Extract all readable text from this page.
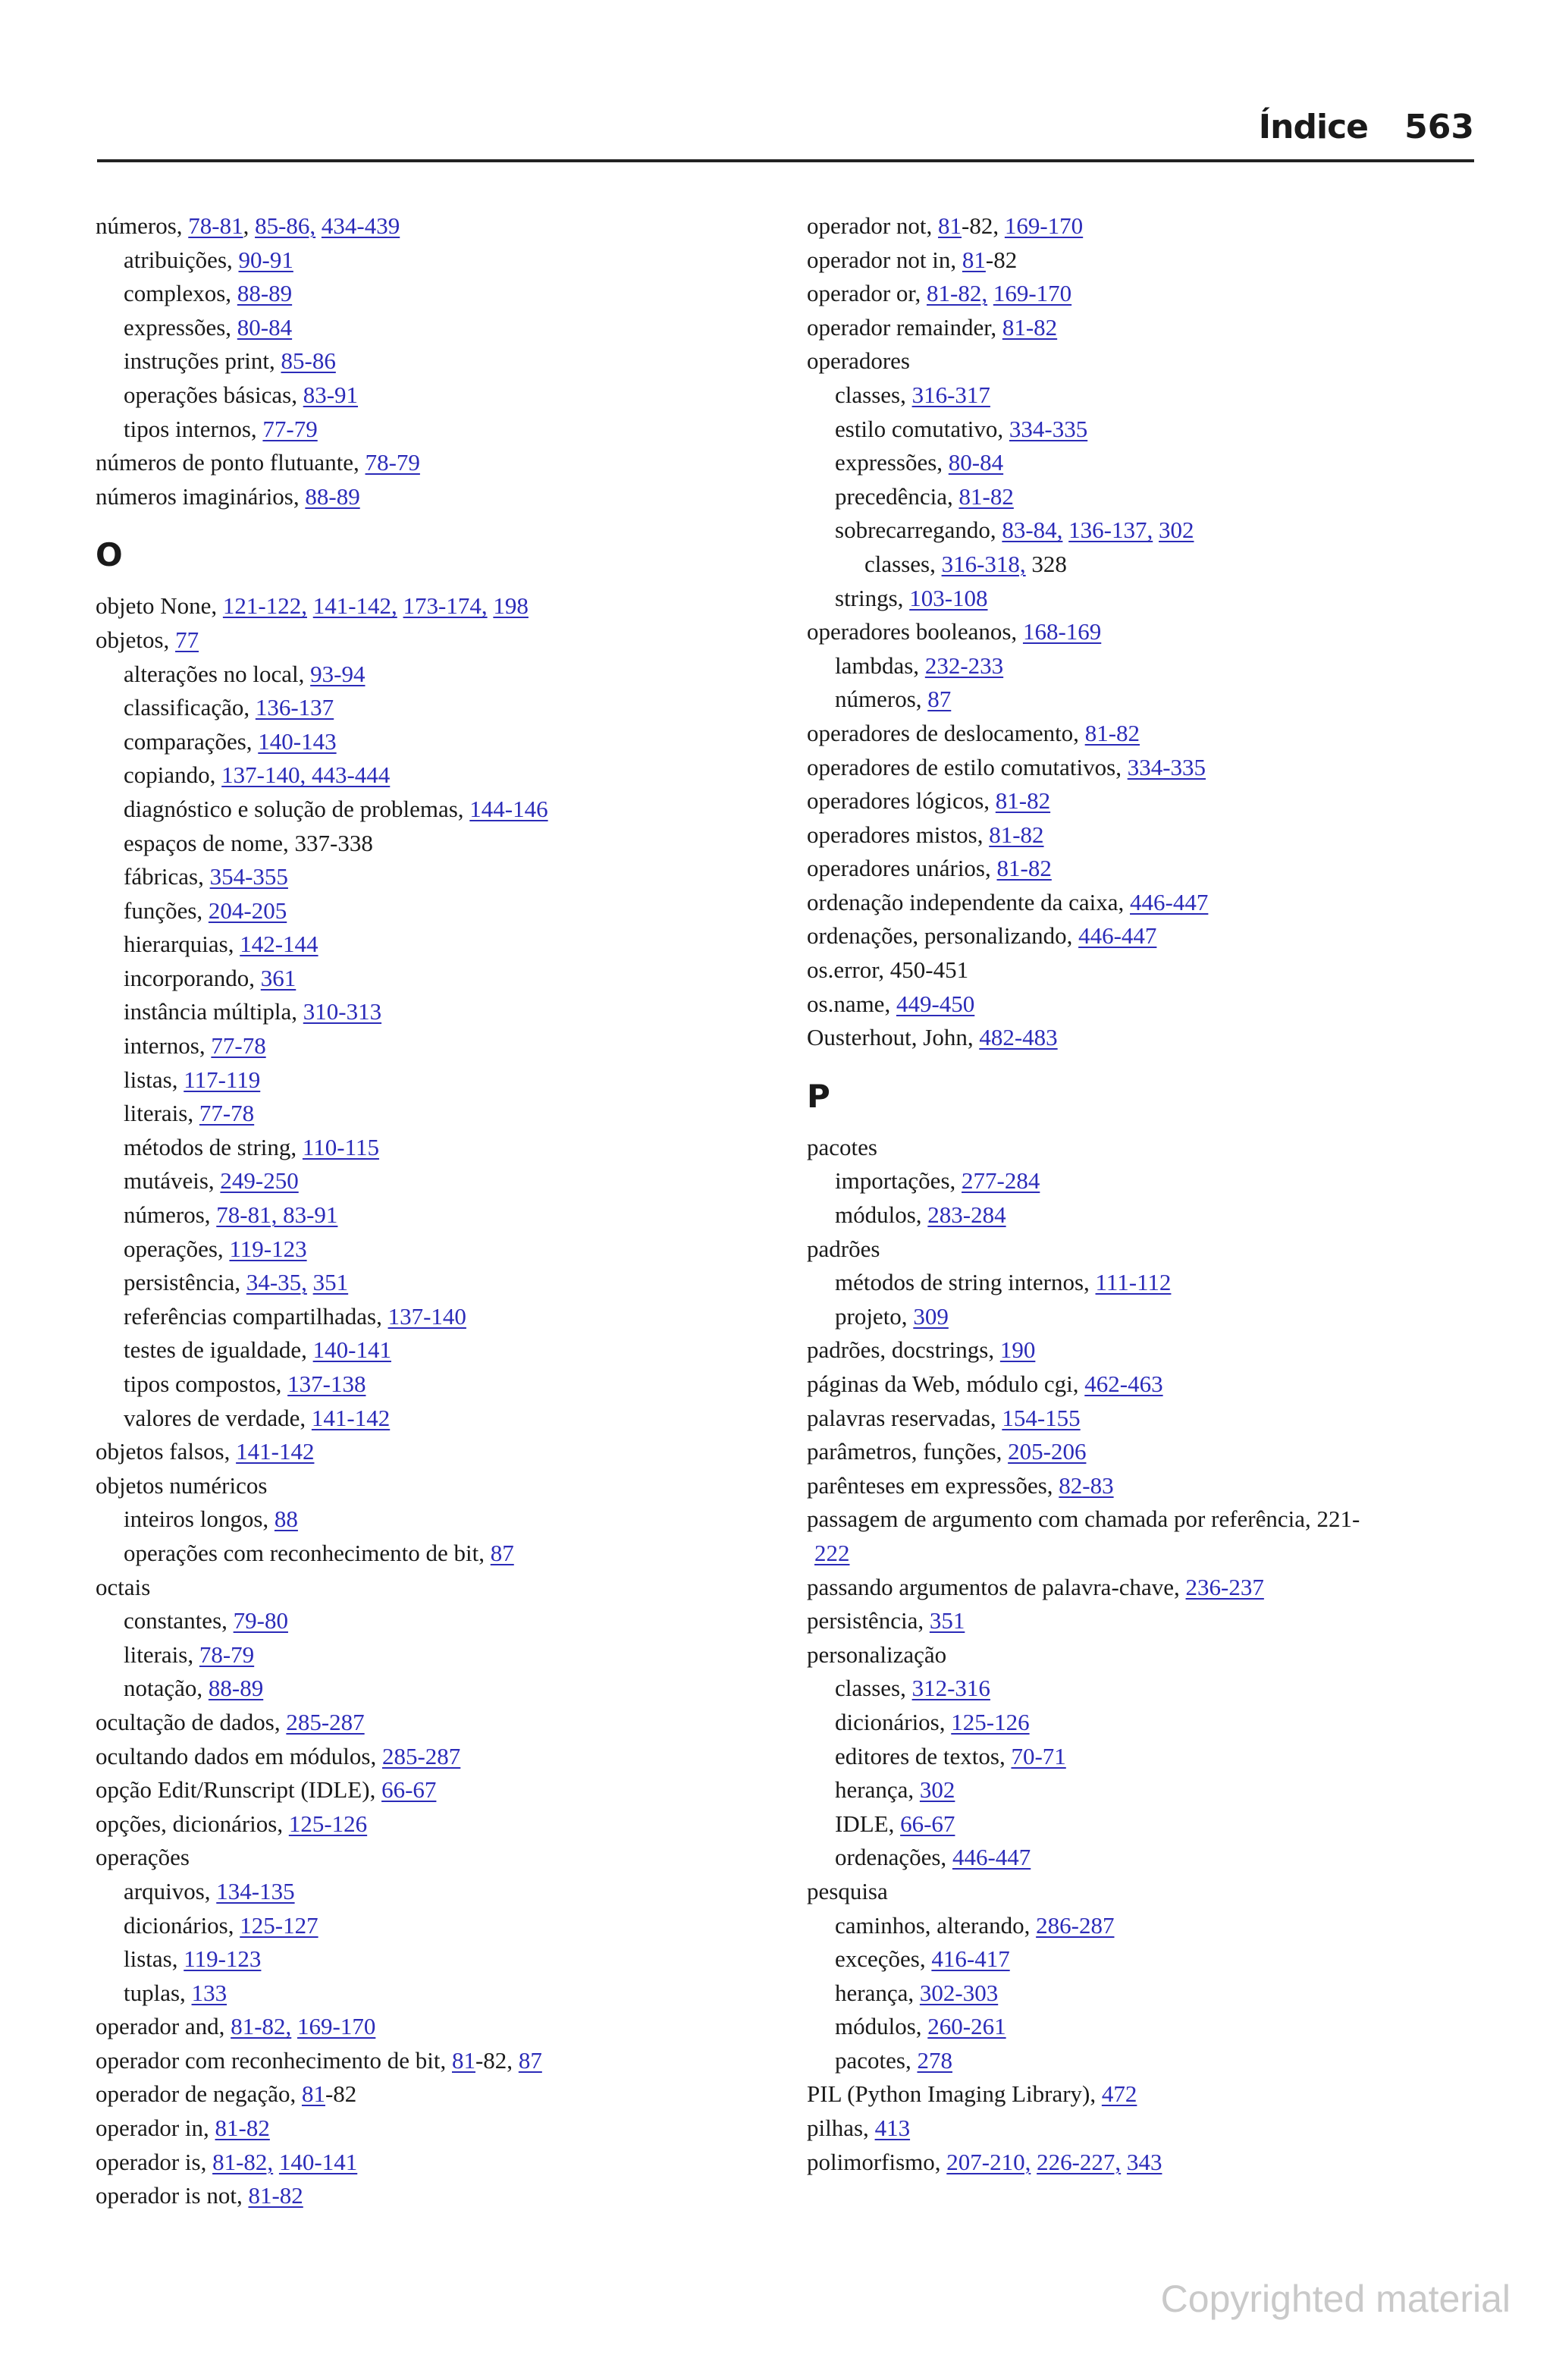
Índice 563
números, 78-81, 85-86, 434-439
atribuições, 90-91
complexos, 88-89
expressões, 80-84
instruções print, 85-86
operações básicas, 83-91
tipos internos, 77-79
números de ponto flutuante, 78-79
números imaginários, 88-89
O
objeto None, 121-122, 141-142, 173-174, 198
objetos, 77
alterações no local, 93-94
classificação, 136-137
comparações, 140-143
copiando, 137-140, 443-444
diagnóstico e solução de problemas, 144-146
espaços de nome, 337-338
fábricas, 354-355
funções, 204-205
hierarquias, 142-144
incorporando, 361
instância múltipla, 310-313
internos, 77-78
listas, 117-119
literais, 77-78
métodos de string, 110-115
mutáveis, 249-250
números, 78-81, 83-91
operações, 119-123
persistência, 34-35, 351
referências compartilhadas, 137-140
testes de igualdade, 140-141
tipos compostos, 137-138
valores de verdade, 141-142
objetos falsos, 141-142
objetos numéricos
inteiros longos, 88
operações com reconhecimento de bit, 87
octais
constantes, 79-80
literais, 78-79
notação, 88-89
ocultação de dados, 285-287
ocultando dados em módulos, 285-287
opção Edit/Runscript (IDLE), 66-67
opções, dicionários, 125-126
operações
arquivos, 134-135
dicionários, 125-127
listas, 119-123
tuplas, 133
operador and, 81-82, 169-170
operador com reconhecimento de bit, 81-82, 87
operador de negação, 81-82
operador in, 81-82
operador is, 81-82, 140-141
operador is not, 81-82
operador not, 81-82, 169-170
operador not in, 81-82
operador or, 81-82, 169-170
operador remainder, 81-82
operadores
classes, 316-317
estilo comutativo, 334-335
expressões, 80-84
precedência, 81-82
sobrecarregando, 83-84, 136-137, 302
classes, 316-318, 328
strings, 103-108
operadores booleanos, 168-169
lambdas, 232-233
números, 87
operadores de deslocamento, 81-82
operadores de estilo comutativos, 334-335
operadores lógicos, 81-82
operadores mistos, 81-82
operadores unários, 81-82
ordenação independente da caixa, 446-447
ordenações, personalizando, 446-447
os.error, 450-451
os.name, 449-450
Ousterhout, John, 482-483
P
pacotes
importações, 277-284
módulos, 283-284
padrões
métodos de string internos, 111-112
projeto, 309
padrões, docstrings, 190
páginas da Web, módulo cgi, 462-463
palavras reservadas, 154-155
parâmetros, funções, 205-206
parênteses em expressões, 82-83
passagem de argumento com chamada por referência, 221-
222
passando argumentos de palavra-chave, 236-237
persistência, 351
personalização
classes, 312-316
dicionários, 125-126
editores de textos, 70-71
herança, 302
IDLE, 66-67
ordenações, 446-447
pesquisa
caminhos, alterando, 286-287
exceções, 416-417
herança, 302-303
módulos, 260-261
pacotes, 278
PIL (Python Imaging Library), 472
pilhas, 413
polimorfismo, 207-210, 226-227, 343
Copyrighted material
